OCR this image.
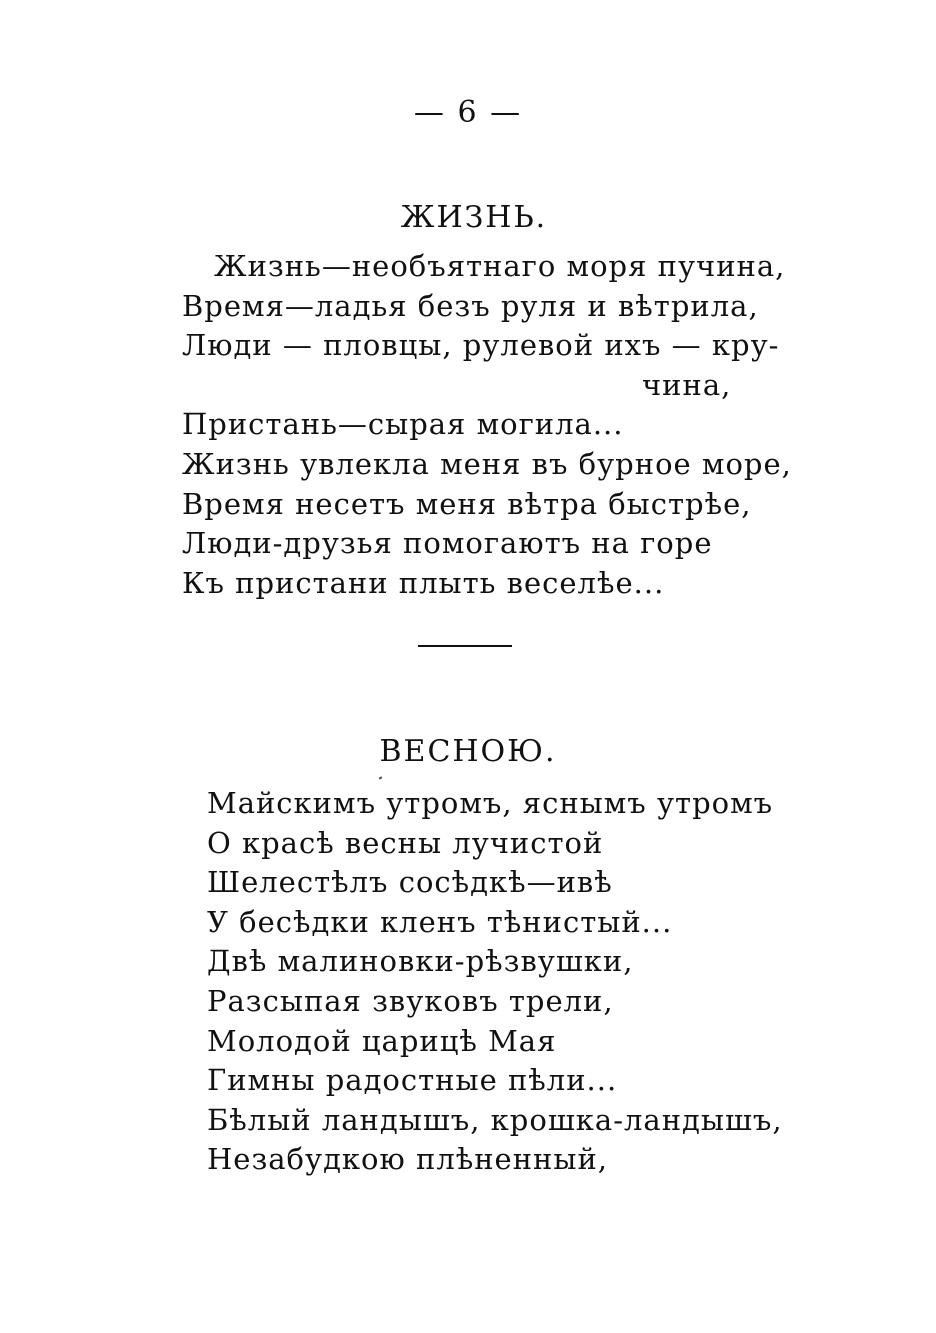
— 6 —
ЖИЗНЬ.
Жизнь—необъятнаго моря пучина,
Время—ладья безъ руля и вѣтрила,
Люди — пловцы, рулевой ихъ — кру-
чина,
Пристань—сырая могила...
Жизнь увлекла меня въ бурное море,
Время несетъ меня вѣтра быстрѣе,
Люди-друзья помогаютъ на горе
Къ пристани плыть веселѣе...
ВЕСНОЮ.
Майскимъ утромъ, яснымъ утромъ
О красѣ весны лучистой
Шелестѣлъ сосѣдкѣ—ивѣ
У бесѣдки кленъ тѣнистый...
Двѣ малиновки-рѣзвушки,
Разсыпая звуковъ трели,
Молодой царицѣ Мая
Гимны радостные пѣли...
Бѣлый ландышъ, крошка-ландышъ,
Незабудкою плѣненный,
